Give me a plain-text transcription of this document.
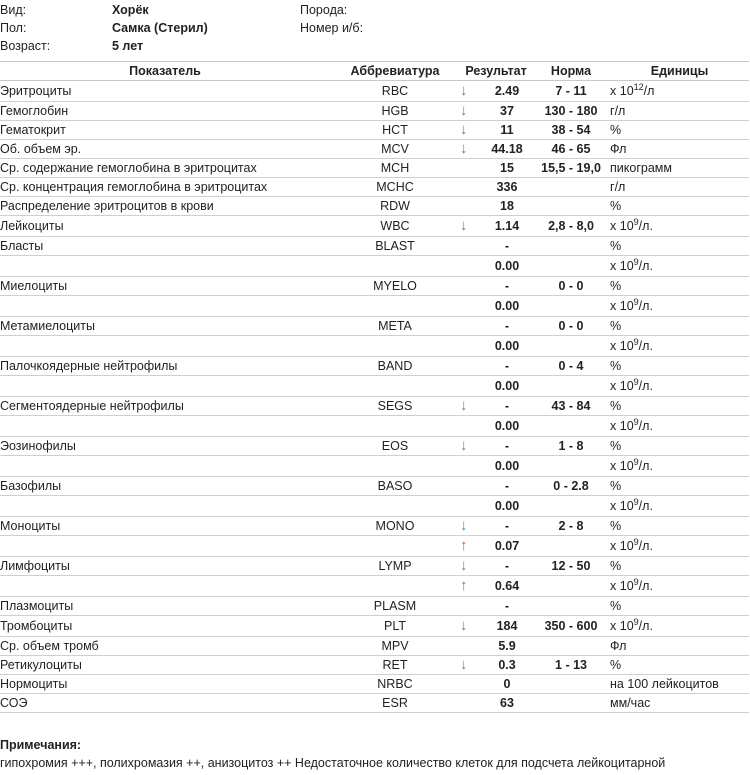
Вид:	Хорёк	Порода:
Пол:	Самка (Стерил)	Номер и/б:
Возраст:	5 лет
Показатель	Аббревиатура	Результат		Норма	Единицы
Эритроциты	RBC	↓	2.49	7 - 11	x $10^{12}/л$
Гемоглобин	HGB	↓	37	130 - 180	г/л
Гематокрит	HCT	↓	11	38 - 54	%
Об. объем эр.	MCV	↓	44.18	46 - 65	Фл
Ср. содержание гемоглобина в эритроцитах	MCH		15	15,5 - 19,0	пикограмм
Ср. концентрация гемоглобина в эритроцитах	MCHC		336		г/л
Распределение эритроцитов в крови	RDW		18		%
Лейкоциты	WBC	↓	1.14	2,8 - 8,0	x $10^9/л$.
Бласты	BLAST		-		%
			0.00		x $10^9/л$.
Миелоциты	MYELO		-	0 - 0	%
			0.00		x $10^9/л$.
Метамиелоциты	META		-	0 - 0	%
			0.00		x $10^9/л$.
Палочкоядерные нейтрофилы	BAND		-	0 - 4	%
			0.00		x $10^9/л$.
Сегментоядерные нейтрофилы	SEGS	↓	-	43 - 84	%
			0.00		x $10^9/л$.
Эозинофилы	EOS	↓	-	1 - 8	%
			0.00		x $10^9/л$.
Базофилы	BASO		-	0 - 2.8	%
			0.00		x $10^9/л$.
Моноциты	MONO	↓	-	2 - 8	%
		↑	0.07		x $10^9/л$.
Лимфоциты	LYMP	↓	-	12 - 50	%
		↑	0.64		x $10^9/л$.
Плазмоциты	PLASM		-		%
Тромбоциты	PLT	↓	184	350 - 600	x $10^9/л$.
Ср. объем тромб	MPV		5.9		Фл
Ретикулоциты	RET	↓	0.3	1 - 13	%
Нормоциты	NRBC		0		на 100 лейкоцитов
СОЭ	ESR		63		мм/час
Примечания:
гипохромия +++, полихромазия ++, анизоцитоз ++ Недостаточное количество клеток для подсчета лейкоцитарной
